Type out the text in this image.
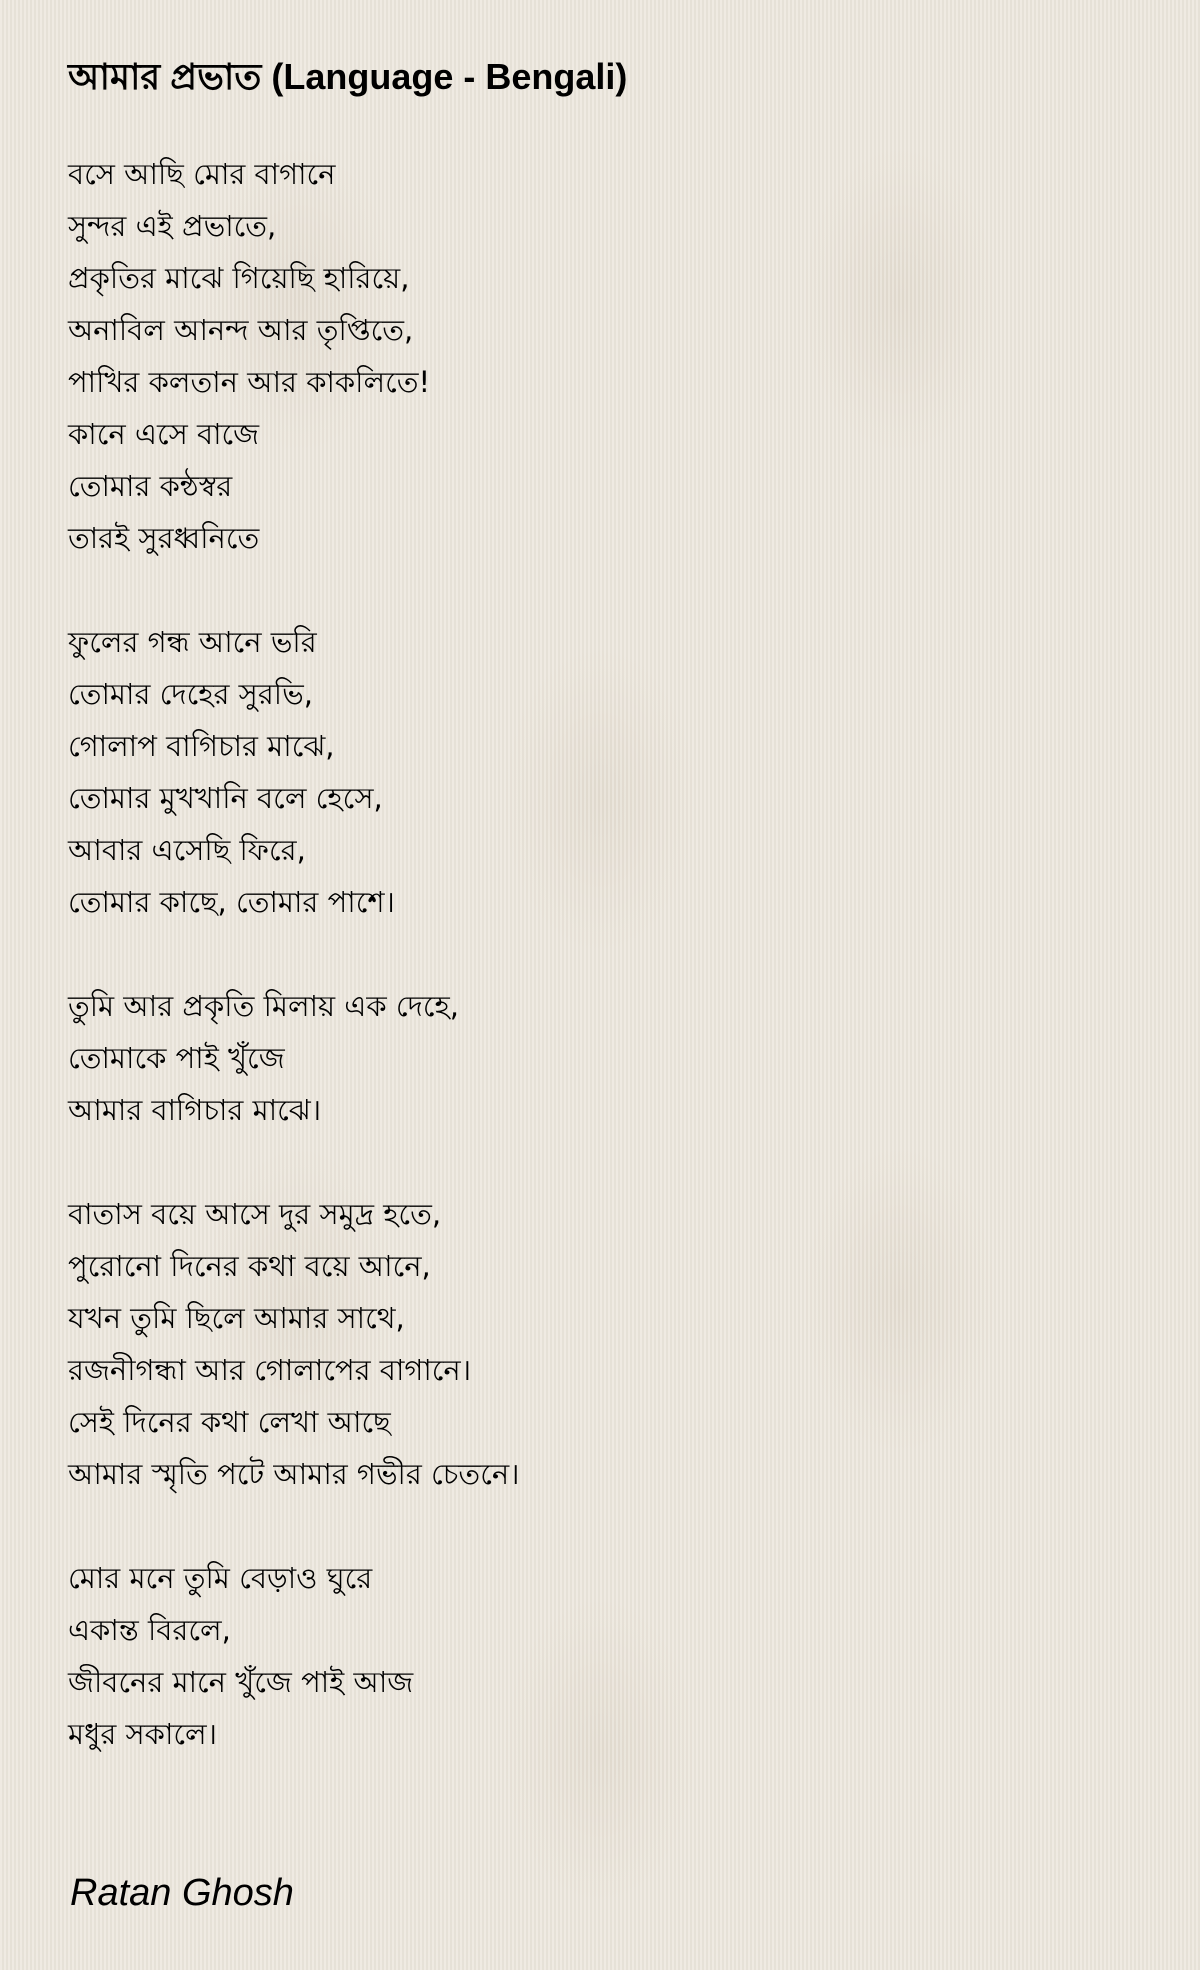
আমার প্রভাত (Language - Bengali)
বসে আছি মোর বাগানে
সুন্দর এই প্রভাতে,
প্রকৃতির মাঝে গিয়েছি হারিয়ে,
অনাবিল আনন্দ আর তৃপ্তিতে,
পাখির কলতান আর কাকলিতে!
কানে এসে বাজে
তোমার কন্ঠস্বর
তারই সুরধ্বনিতে
ফুলের গন্ধ আনে ভরি
তোমার দেহের সুরভি,
গোলাপ বাগিচার মাঝে,
তোমার মুখখানি বলে হেসে,
আবার এসেছি ফিরে,
তোমার কাছে, তোমার পাশে।
তুমি আর প্রকৃতি মিলায় এক দেহে,
তোমাকে পাই খুঁজে
আমার বাগিচার মাঝে।
বাতাস বয়ে আসে দুর সমুদ্র হতে,
পুরোনো দিনের কথা বয়ে আনে,
যখন তুমি ছিলে আমার সাথে,
রজনীগন্ধা আর গোলাপের বাগানে।
সেই দিনের কথা লেখা আছে
আমার স্মৃতি পটে আমার গভীর চেতনে।
মোর মনে তুমি বেড়াও ঘুরে
একান্ত বিরলে,
জীবনের মানে খুঁজে পাই আজ
মধুর সকালে।
Ratan Ghosh
